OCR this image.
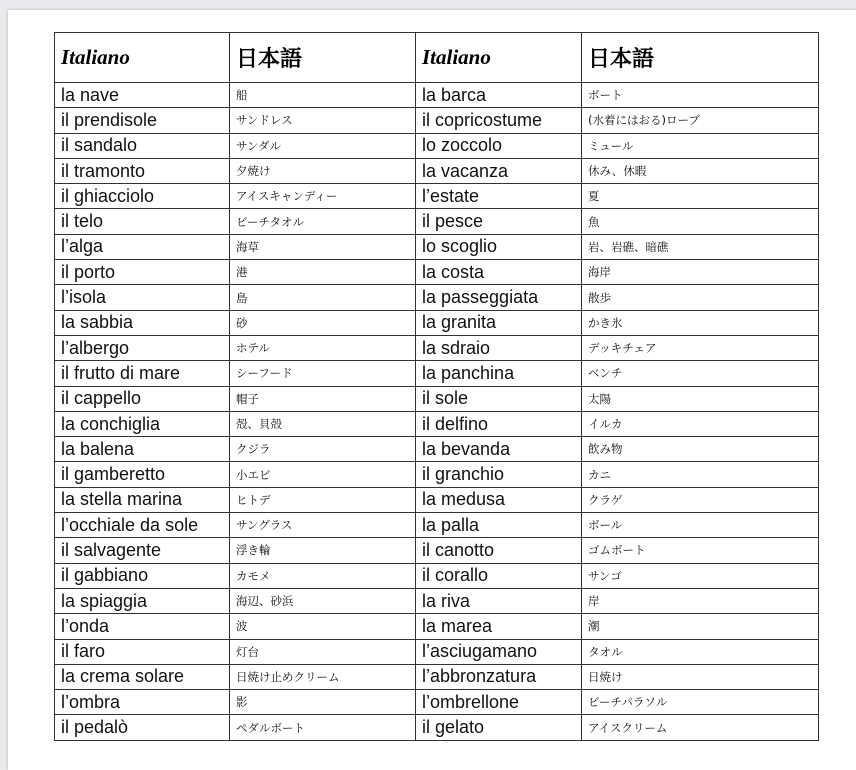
Italiano	日本語	Italiano	日本語
la nave	船	la barca	ボート
il prendisole	サンドレス	il copricostume	(水着にはおる)ローブ
il sandalo	サンダル	lo zoccolo	ミュール
il tramonto	夕焼け	la vacanza	休み、休暇
il ghiacciolo	アイスキャンディー	l’estate	夏
il telo	ビーチタオル	il pesce	魚
l’alga	海草	lo scoglio	岩、岩礁、暗礁
il porto	港	la costa	海岸
l’isola	島	la passeggiata	散歩
la sabbia	砂	la granita	かき氷
l’albergo	ホテル	la sdraio	デッキチェア
il frutto di mare	シーフード	la panchina	ベンチ
il cappello	帽子	il sole	太陽
la conchiglia	殻、貝殻	il delfino	イルカ
la balena	クジラ	la bevanda	飲み物
il gamberetto	小エビ	il granchio	カニ
la stella marina	ヒトデ	la medusa	クラゲ
l’occhiale da sole	サングラス	la palla	ボール
il salvagente	浮き輪	il canotto	ゴムボート
il gabbiano	カモメ	il corallo	サンゴ
la spiaggia	海辺、砂浜	la riva	岸
l’onda	波	la marea	潮
il faro	灯台	l’asciugamano	タオル
la crema solare	日焼け止めクリーム	l’abbronzatura	日焼け
l’ombra	影	l’ombrellone	ビーチパラソル
il pedalò	ペダルボート	il gelato	アイスクリーム
